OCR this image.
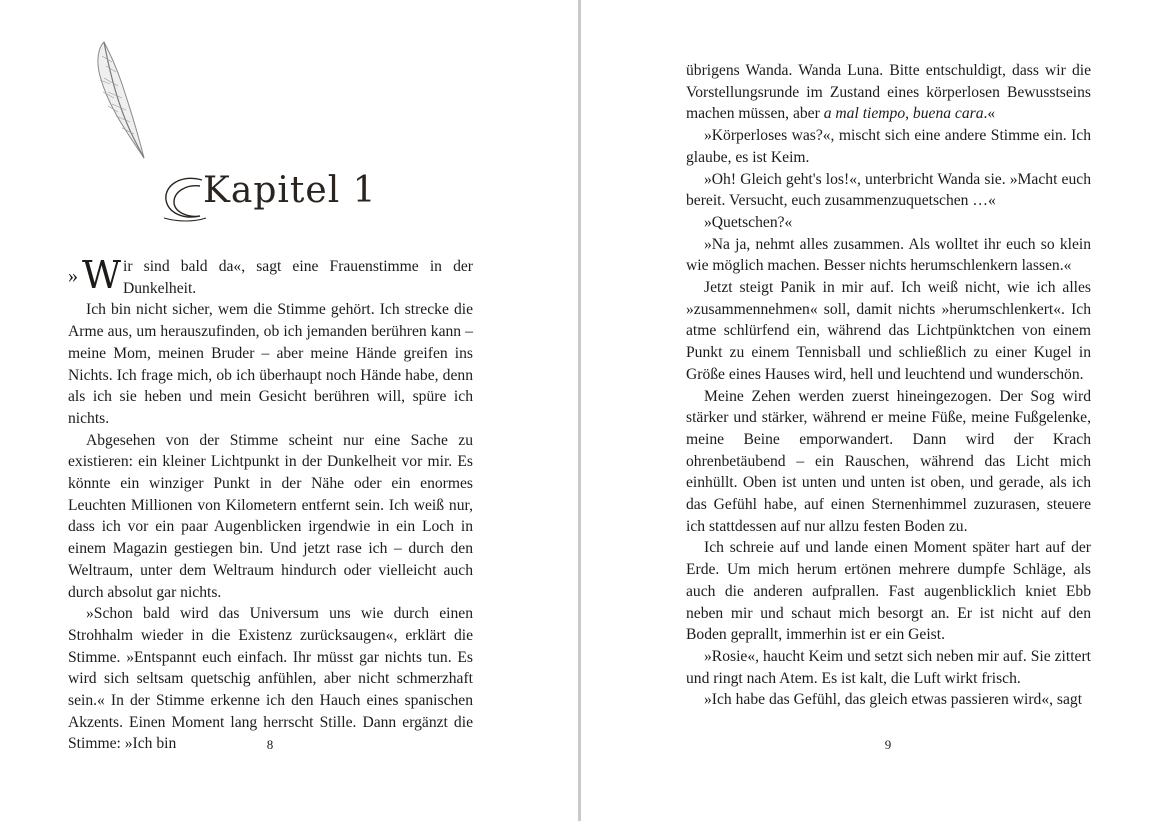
Kapitel 1
» W ir sind bald da«, sagt eine Frauenstimme in der Dunkelheit.

Ich bin nicht sicher, wem die Stimme gehört. Ich strecke die Arme aus, um herauszufinden, ob ich jemanden berühren kann – meine Mom, meinen Bruder – aber meine Hände greifen ins Nichts. Ich frage mich, ob ich überhaupt noch Hände habe, denn als ich sie heben und mein Gesicht berühren will, spüre ich nichts.

Abgesehen von der Stimme scheint nur eine Sache zu existieren: ein kleiner Lichtpunkt in der Dunkelheit vor mir. Es könnte ein winziger Punkt in der Nähe oder ein enormes Leuchten Millionen von Kilometern entfernt sein. Ich weiß nur, dass ich vor ein paar Augenblicken irgendwie in ein Loch in einem Magazin gestiegen bin. Und jetzt rase ich – durch den Weltraum, unter dem Weltraum hindurch oder vielleicht auch durch absolut gar nichts.

»Schon bald wird das Universum uns wie durch einen Strohhalm wieder in die Existenz zurücksaugen«, erklärt die Stimme. »Entspannt euch einfach. Ihr müsst gar nichts tun. Es wird sich seltsam quetschig anfühlen, aber nicht schmerzhaft sein.« In der Stimme erkenne ich den Hauch eines spanischen Akzents. Einen Moment lang herrscht Stille. Dann ergänzt die Stimme: »Ich bin	8

übrigens Wanda. Wanda Luna. Bitte entschuldigt, dass wir die Vorstellungsrunde im Zustand eines körperlosen Bewusstseins machen müssen, aber a mal tiempo, buena cara.«

»Körperloses was?«, mischt sich eine andere Stimme ein. Ich glaube, es ist Keim.

»Oh! Gleich geht's los!«, unterbricht Wanda sie. »Macht euch bereit. Versucht, euch zusammenzuquetschen …«

»Quetschen?«

»Na ja, nehmt alles zusammen. Als wolltet ihr euch so klein wie möglich machen. Besser nichts herumschlenkern lassen.«

Jetzt steigt Panik in mir auf. Ich weiß nicht, wie ich alles »zusammennehmen« soll, damit nichts »herumschlenkert«. Ich atme schlürfend ein, während das Lichtpünktchen von einem Punkt zu einem Tennisball und schließlich zu einer Kugel in Größe eines Hauses wird, hell und leuchtend und wunderschön.

Meine Zehen werden zuerst hineingezogen. Der Sog wird stärker und stärker, während er meine Füße, meine Fußgelenke, meine Beine emporwandert. Dann wird der Krach ohrenbetäubend – ein Rauschen, während das Licht mich einhüllt. Oben ist unten und unten ist oben, und gerade, als ich das Gefühl habe, auf einen Sternenhimmel zuzurasen, steuere ich stattdessen auf nur allzu festen Boden zu.

Ich schreie auf und lande einen Moment später hart auf der Erde. Um mich herum ertönen mehrere dumpfe Schläge, als auch die anderen aufprallen. Fast augenblicklich kniet Ebb neben mir und schaut mich besorgt an. Er ist nicht auf den Boden geprallt, immerhin ist er ein Geist.

»Rosie«, haucht Keim und setzt sich neben mir auf. Sie zittert und ringt nach Atem. Es ist kalt, die Luft wirkt frisch.

»Ich habe das Gefühl, das gleich etwas passieren wird«, sagt

9
